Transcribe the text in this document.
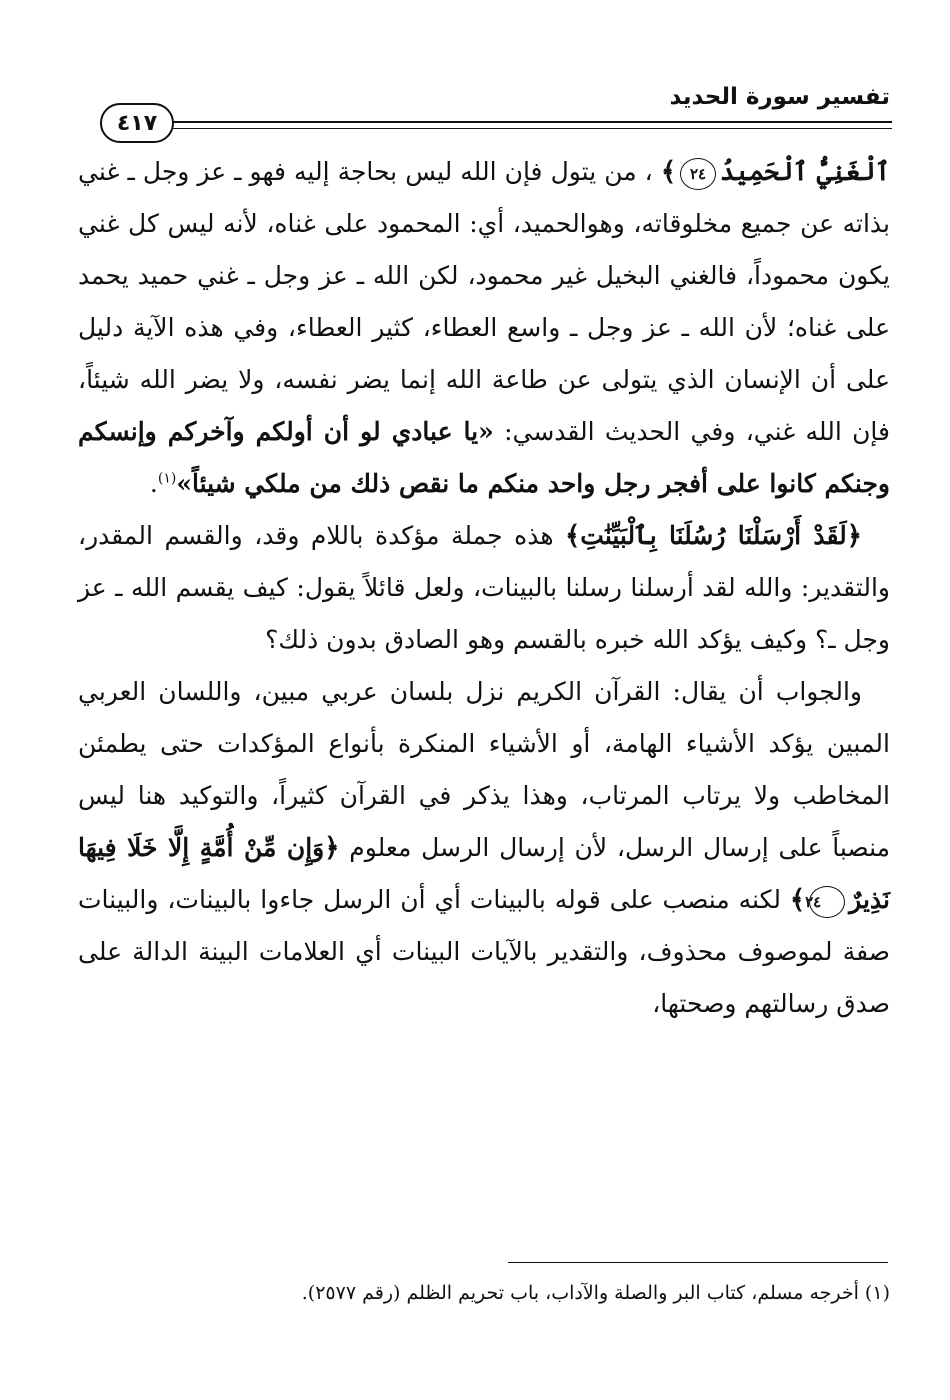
تفسير سورة الحديد
٤١٧

ٱلْغَنِيُّ ٱلْحَمِيدُ٢٤﴾ ، من يتول فإن الله ليس بحاجة إليه فهو ـ عز وجل ـ غني بذاته عن جميع مخلوقاته، وهوالحميد، أي: المحمود على غناه، لأنه ليس كل غني يكون محموداً، فالغني البخيل غير محمود، لكن الله ـ عز وجل ـ غني حميد يحمد على غناه؛ لأن الله ـ عز وجل ـ واسع العطاء، كثير العطاء، وفي هذه الآية دليل على أن الإنسان الذي يتولى عن طاعة الله إنما يضر نفسه، ولا يضر الله شيئاً، فإن الله غني، وفي الحديث القدسي: «يا عبادي لو أن أولكم وآخركم وإنسكم وجنكم كانوا على أفجر رجل واحد منكم ما نقص ذلك من ملكي شيئاً»$^{(١)}$.

﴿لَقَدْ أَرْسَلْنَا رُسُلَنَا بِٱلْبَيِّنَٰتِ﴾ هذه جملة مؤكدة باللام وقد، والقسم المقدر، والتقدير: والله لقد أرسلنا رسلنا بالبينات، ولعل قائلاً يقول: كيف يقسم الله ـ عز وجل ـ؟ وكيف يؤكد الله خبره بالقسم وهو الصادق بدون ذلك؟

والجواب أن يقال: القرآن الكريم نزل بلسان عربي مبين، واللسان العربي المبين يؤكد الأشياء الهامة، أو الأشياء المنكرة بأنواع المؤكدات حتى يطمئن المخاطب ولا يرتاب المرتاب، وهذا يذكر في القرآن كثيراً، والتوكيد هنا ليس منصباً على إرسال الرسل، لأن إرسال الرسل معلوم ﴿وَإِن مِّنْ أُمَّةٍ إِلَّا خَلَا فِيهَا نَذِيرٌ٢٤﴾ لكنه منصب على قوله بالبينات أي أن الرسل جاءوا بالبينات، والبينات صفة لموصوف محذوف، والتقدير بالآيات البينات أي العلامات البينة الدالة على صدق رسالتهم وصحتها،

(١) أخرجه مسلم، كتاب البر والصلة والآداب، باب تحريم الظلم (رقم ٢٥٧٧).
